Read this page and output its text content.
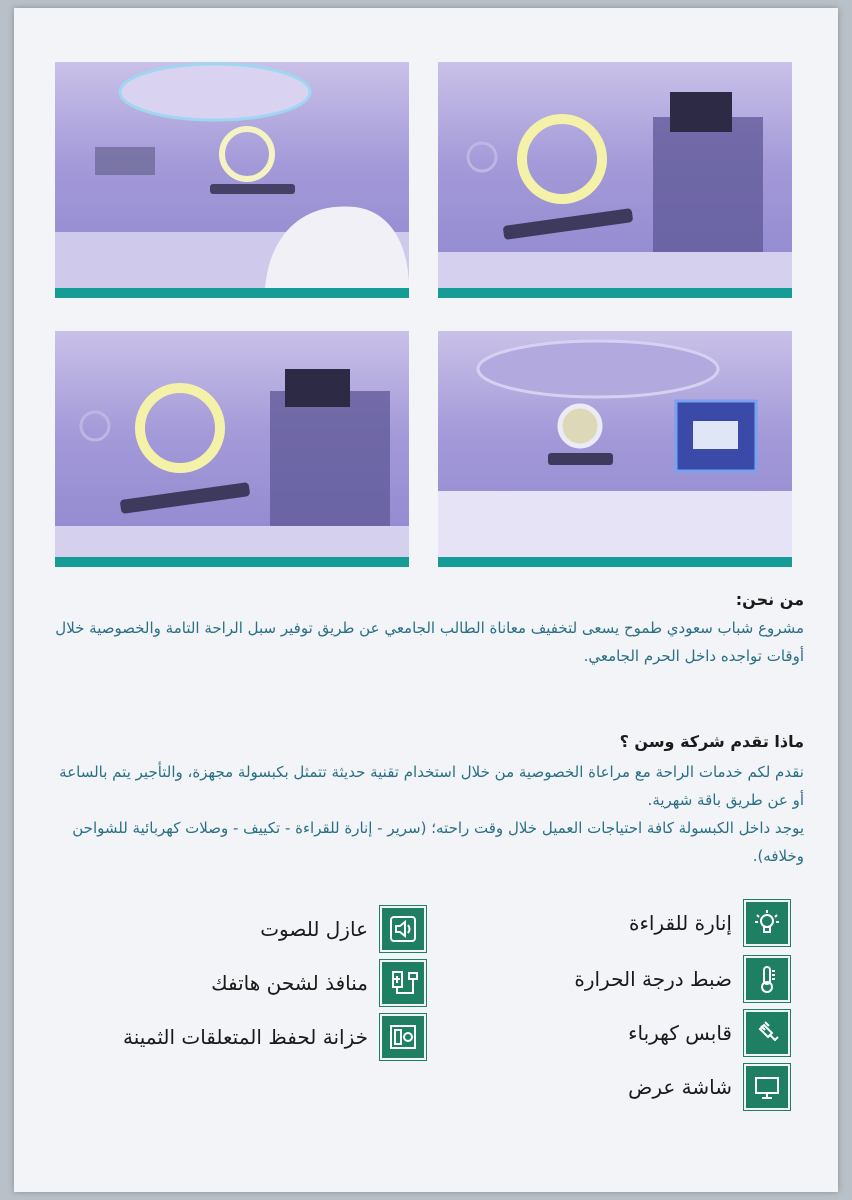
من نحن:

مشروع شباب سعودي طموح يسعى لتخفيف معاناة الطالب الجامعي عن طريق توفير سبل الراحة التامة والخصوصية خلال أوقات تواجده داخل الحرم الجامعي.

ماذا تقدم شركة وسن ؟

نقدم لكم خدمات الراحة مع مراعاة الخصوصية من خلال استخدام تقنية حديثة تتمثل بكبسولة مجهزة، والتأجير يتم بالساعة أو عن طريق باقة شهرية.

يوجد داخل الكبسولة كافة احتياجات العميل خلال وقت راحته؛ (سرير - إنارة للقراءة - تكييف - وصلات كهربائية للشواحن وخلافه).

إنارة للقراءة
ضبط درجة الحرارة
قابس كهرباء
شاشة عرض
عازل للصوت
منافذ لشحن هاتفك
خزانة لحفظ المتعلقات الثمينة
